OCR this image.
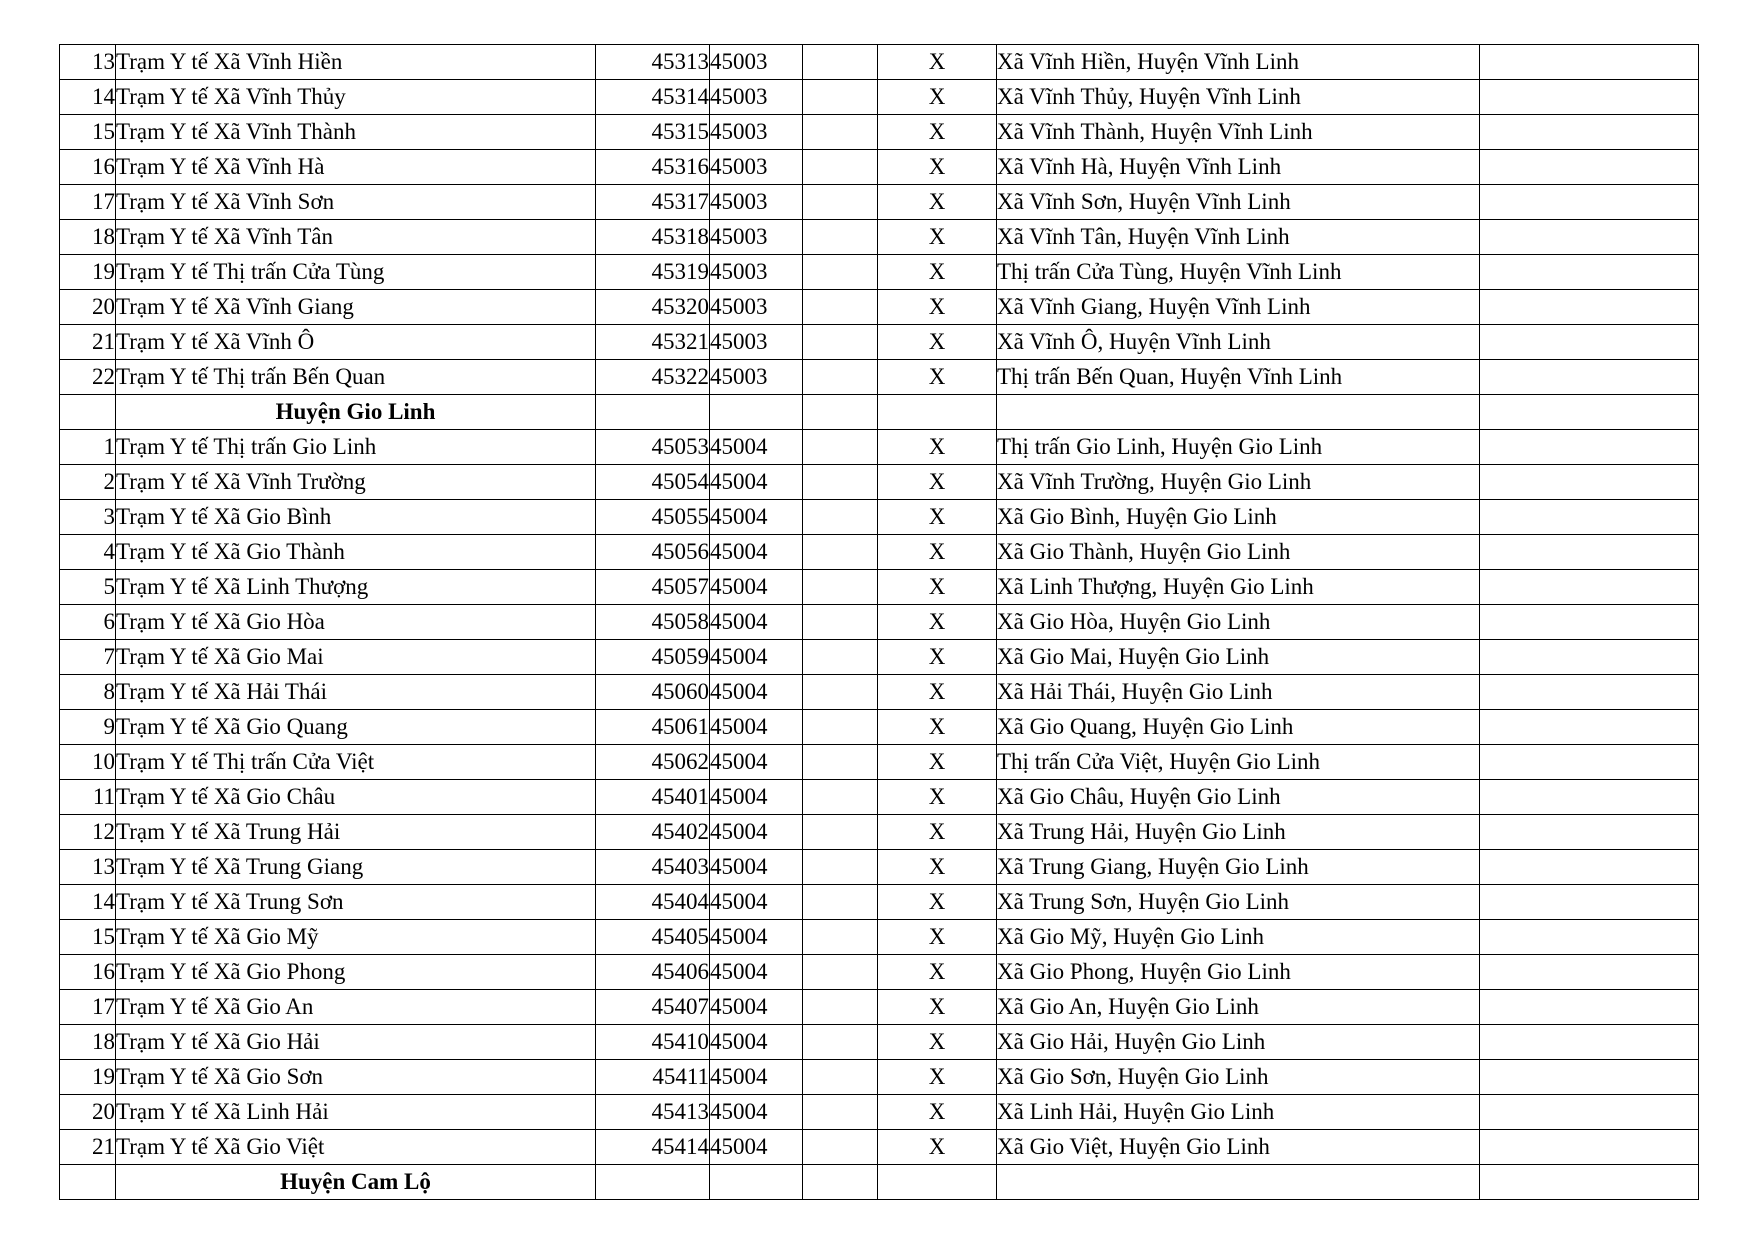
13	Trạm Y tế Xã Vĩnh Hiền	45313	45003		X	Xã Vĩnh Hiền, Huyện Vĩnh Linh	
14	Trạm Y tế Xã Vĩnh Thủy	45314	45003		X	Xã Vĩnh Thủy, Huyện Vĩnh Linh	
15	Trạm Y tế Xã Vĩnh Thành	45315	45003		X	Xã Vĩnh Thành, Huyện Vĩnh Linh	
16	Trạm Y tế Xã Vĩnh Hà	45316	45003		X	Xã Vĩnh Hà, Huyện Vĩnh Linh	
17	Trạm Y tế Xã Vĩnh Sơn	45317	45003		X	Xã Vĩnh Sơn, Huyện Vĩnh Linh	
18	Trạm Y tế Xã Vĩnh Tân	45318	45003		X	Xã Vĩnh Tân, Huyện Vĩnh Linh	
19	Trạm Y tế Thị trấn Cửa Tùng	45319	45003		X	Thị trấn Cửa Tùng, Huyện Vĩnh Linh	
20	Trạm Y tế Xã Vĩnh Giang	45320	45003		X	Xã Vĩnh Giang, Huyện Vĩnh Linh	
21	Trạm Y tế Xã Vĩnh Ô	45321	45003		X	Xã Vĩnh Ô, Huyện Vĩnh Linh	
22	Trạm Y tế Thị trấn Bến Quan	45322	45003		X	Thị trấn Bến Quan, Huyện Vĩnh Linh	
	Huyện Gio Linh						
1	Trạm Y tế Thị trấn Gio Linh	45053	45004		X	Thị trấn Gio Linh, Huyện Gio Linh	
2	Trạm Y tế Xã Vĩnh Trường	45054	45004		X	Xã Vĩnh Trường, Huyện Gio Linh	
3	Trạm Y tế Xã Gio Bình	45055	45004		X	Xã Gio Bình, Huyện Gio Linh	
4	Trạm Y tế Xã Gio Thành	45056	45004		X	Xã Gio Thành, Huyện Gio Linh	
5	Trạm Y tế Xã Linh Thượng	45057	45004		X	Xã Linh Thượng, Huyện Gio Linh	
6	Trạm Y tế Xã Gio Hòa	45058	45004		X	Xã Gio Hòa, Huyện Gio Linh	
7	Trạm Y tế Xã Gio Mai	45059	45004		X	Xã Gio Mai, Huyện Gio Linh	
8	Trạm Y tế Xã Hải Thái	45060	45004		X	Xã Hải Thái, Huyện Gio Linh	
9	Trạm Y tế Xã Gio Quang	45061	45004		X	Xã Gio Quang, Huyện Gio Linh	
10	Trạm Y tế Thị trấn Cửa Việt	45062	45004		X	Thị trấn Cửa Việt, Huyện Gio Linh	
11	Trạm Y tế Xã Gio Châu	45401	45004		X	Xã Gio Châu, Huyện Gio Linh	
12	Trạm Y tế Xã Trung Hải	45402	45004		X	Xã Trung Hải, Huyện Gio Linh	
13	Trạm Y tế Xã Trung Giang	45403	45004		X	Xã Trung Giang, Huyện Gio Linh	
14	Trạm Y tế Xã Trung Sơn	45404	45004		X	Xã Trung Sơn, Huyện Gio Linh	
15	Trạm Y tế Xã Gio Mỹ	45405	45004		X	Xã Gio Mỹ, Huyện Gio Linh	
16	Trạm Y tế Xã Gio Phong	45406	45004		X	Xã Gio Phong, Huyện Gio Linh	
17	Trạm Y tế Xã Gio An	45407	45004		X	Xã Gio An, Huyện Gio Linh	
18	Trạm Y tế Xã Gio Hải	45410	45004		X	Xã Gio Hải, Huyện Gio Linh	
19	Trạm Y tế Xã Gio Sơn	45411	45004		X	Xã Gio Sơn, Huyện Gio Linh	
20	Trạm Y tế Xã Linh Hải	45413	45004		X	Xã Linh Hải, Huyện Gio Linh	
21	Trạm Y tế Xã Gio Việt	45414	45004		X	Xã Gio Việt, Huyện Gio Linh	
	Huyện Cam Lộ						
